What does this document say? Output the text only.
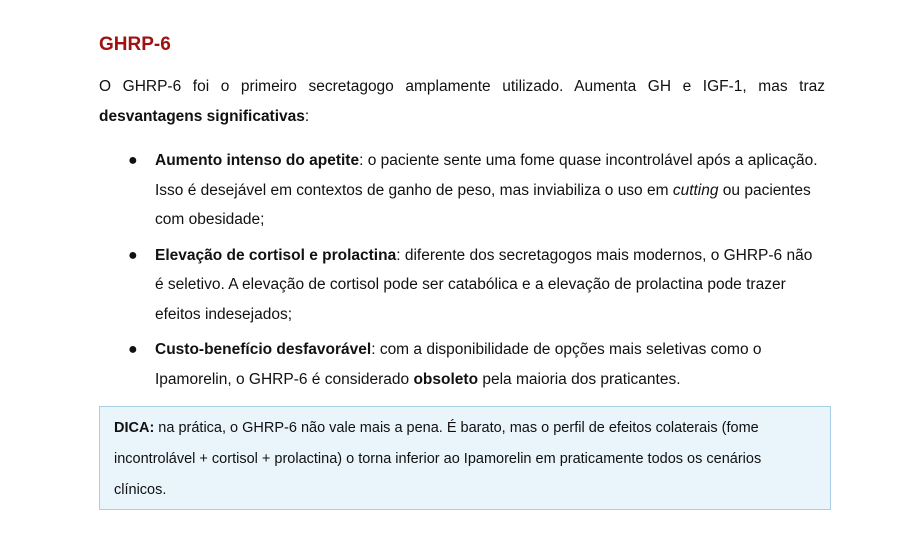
GHRP-6

O GHRP-6 foi o primeiro secretagogo amplamente utilizado. Aumenta GH e IGF-1, mas traz desvantagens significativas:

● Aumento intenso do apetite: o paciente sente uma fome quase incontrolável após a aplicação. Isso é desejável em contextos de ganho de peso, mas inviabiliza o uso em cutting ou pacientes com obesidade;
● Elevação de cortisol e prolactina: diferente dos secretagogos mais modernos, o GHRP-6 não é seletivo. A elevação de cortisol pode ser catabólica e a elevação de prolactina pode trazer efeitos indesejados;
● Custo-benefício desfavorável: com a disponibilidade de opções mais seletivas como o Ipamorelin, o GHRP-6 é considerado obsoleto pela maioria dos praticantes.
DICA: na prática, o GHRP-6 não vale mais a pena. É barato, mas o perfil de efeitos colaterais (fome incontrolável + cortisol + prolactina) o torna inferior ao Ipamorelin em praticamente todos os cenários clínicos.
